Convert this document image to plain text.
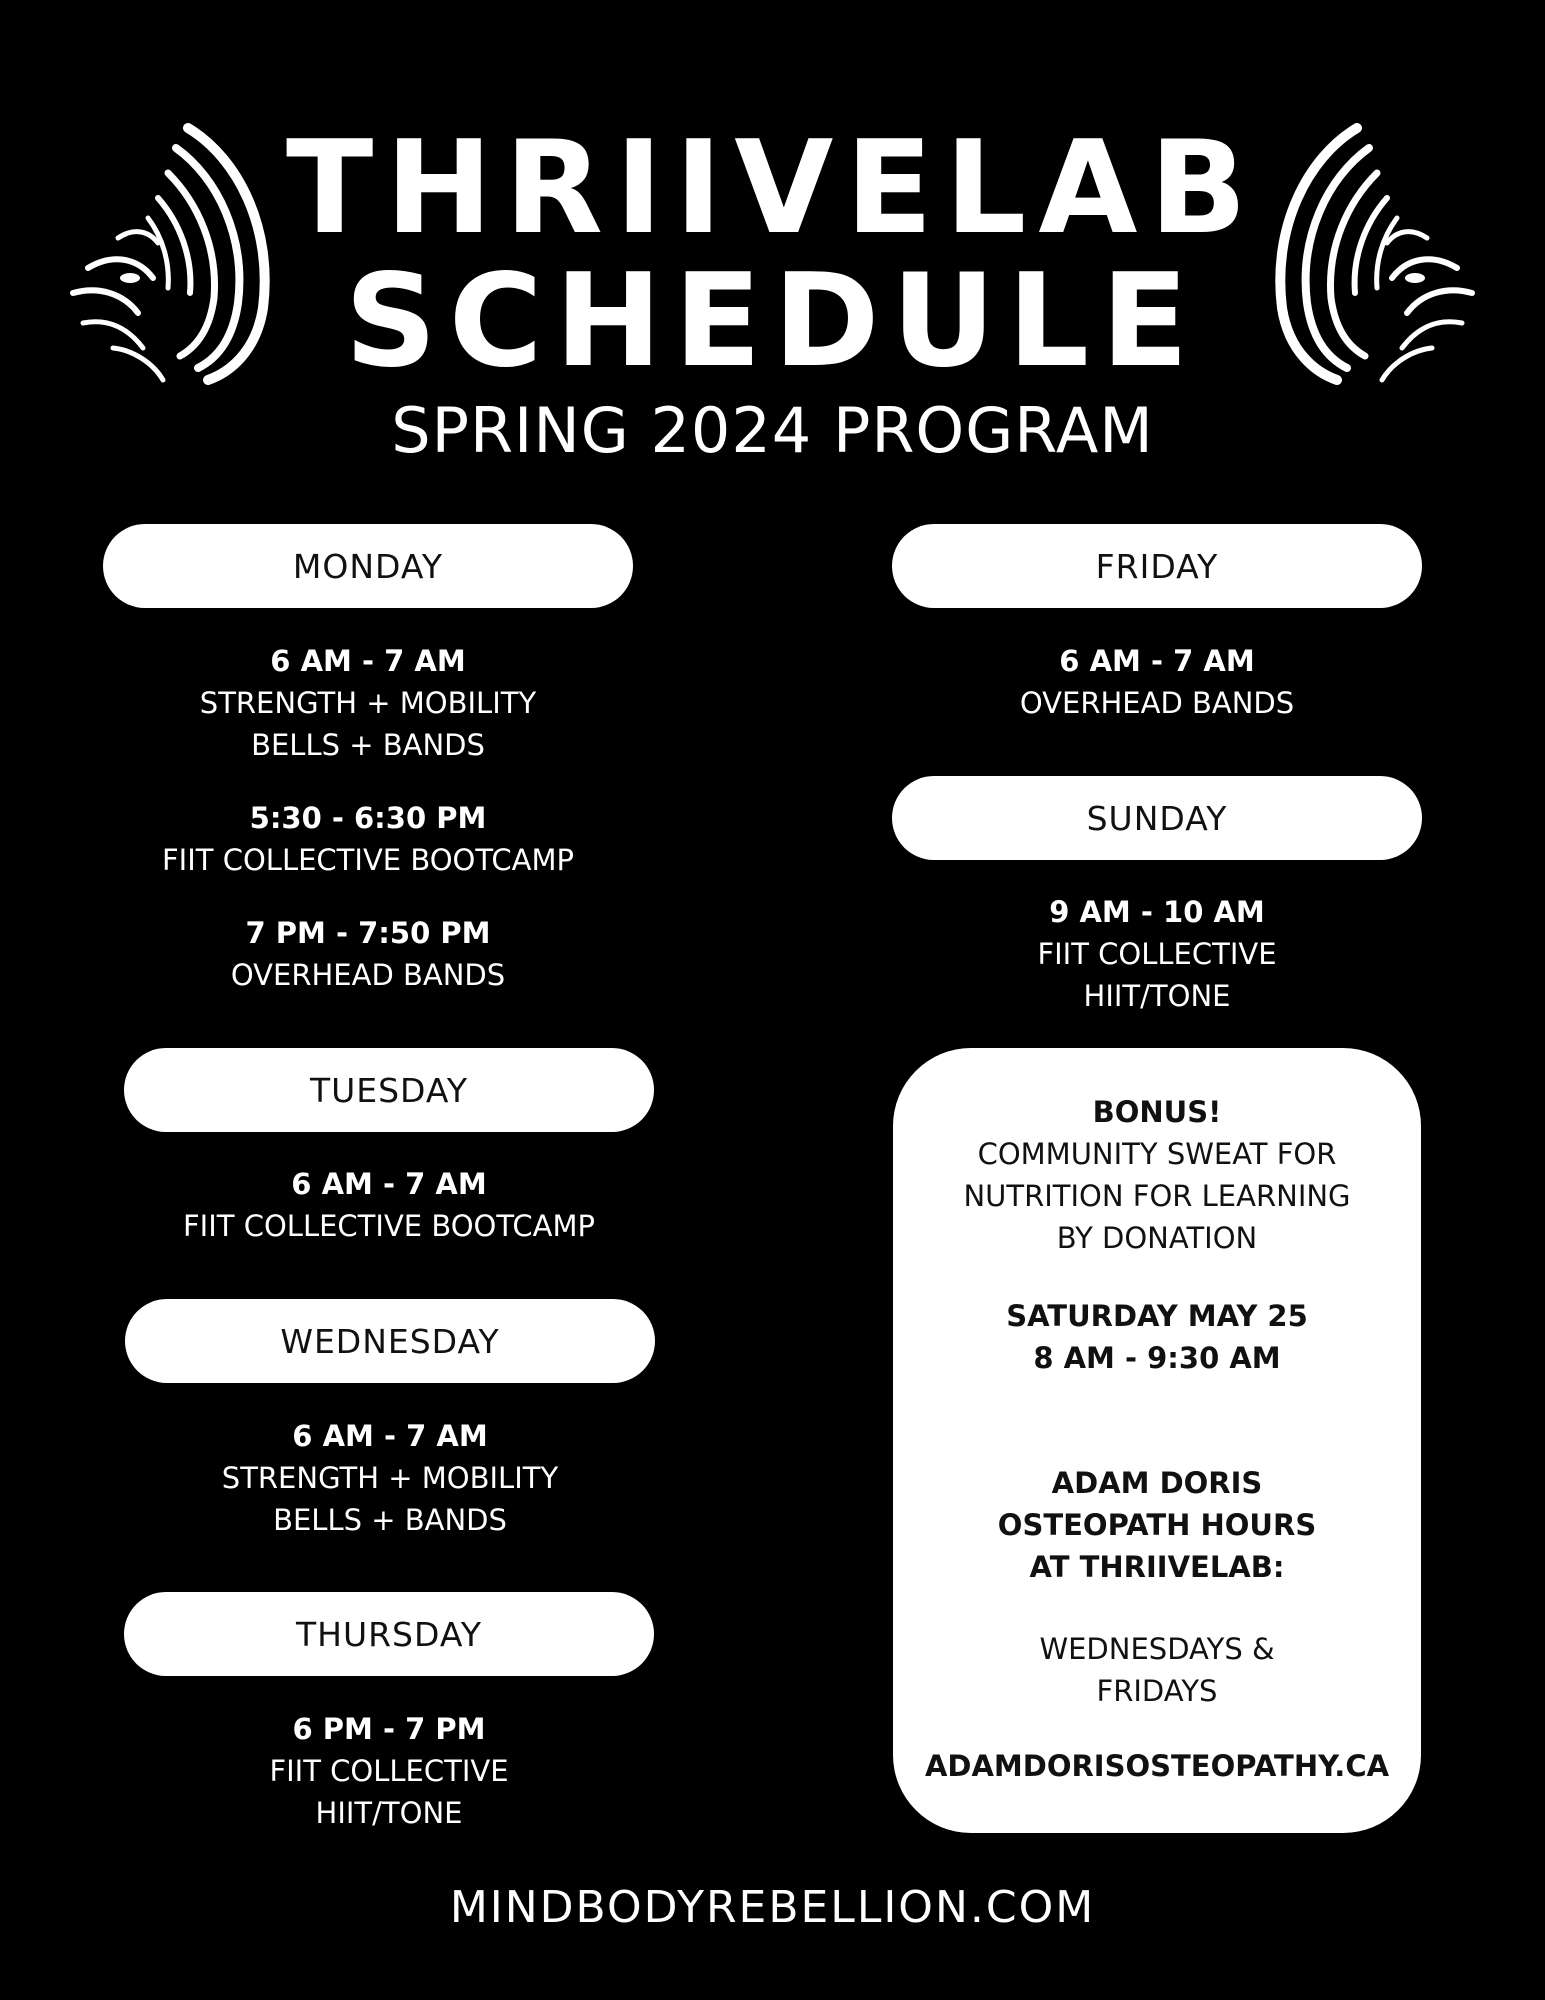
THRIIVELAB
SCHEDULE
SPRING 2024 PROGRAM
MONDAY
6 AM - 7 AM
STRENGTH + MOBILITY
BELLS + BANDS
5:30 - 6:30 PM
FIIT COLLECTIVE BOOTCAMP
7 PM - 7:50 PM
OVERHEAD BANDS
TUESDAY
6 AM - 7 AM
FIIT COLLECTIVE BOOTCAMP
WEDNESDAY
6 AM - 7 AM
STRENGTH + MOBILITY
BELLS + BANDS
THURSDAY
6 PM - 7 PM
FIIT COLLECTIVE
HIIT/TONE
FRIDAY
6 AM - 7 AM
OVERHEAD BANDS
SUNDAY
9 AM - 10 AM
FIIT COLLECTIVE
HIIT/TONE
BONUS!
COMMUNITY SWEAT FOR
NUTRITION FOR LEARNING
BY DONATION
SATURDAY MAY 25
8 AM - 9:30 AM
ADAM DORIS
OSTEOPATH HOURS
AT THRIIVELAB:
WEDNESDAYS &
FRIDAYS
ADAMDORISOSTEOPATHY.CA
MINDBODYREBELLION.COM
